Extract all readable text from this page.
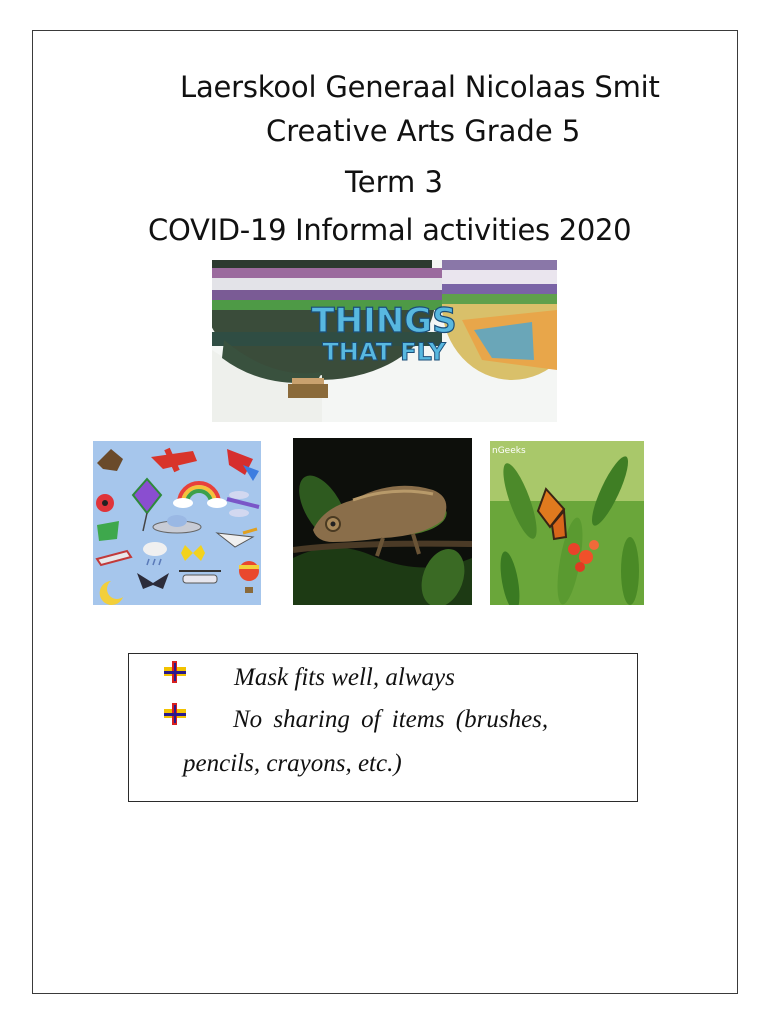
Laerskool Generaal Nicolaas Smit
Creative Arts Grade 5
Term 3
COVID-19 Informal activities 2020
THINGS
THAT FLY
nGeeks
Mask fits well, always
No sharing of items (brushes,
pencils, crayons, etc.)
